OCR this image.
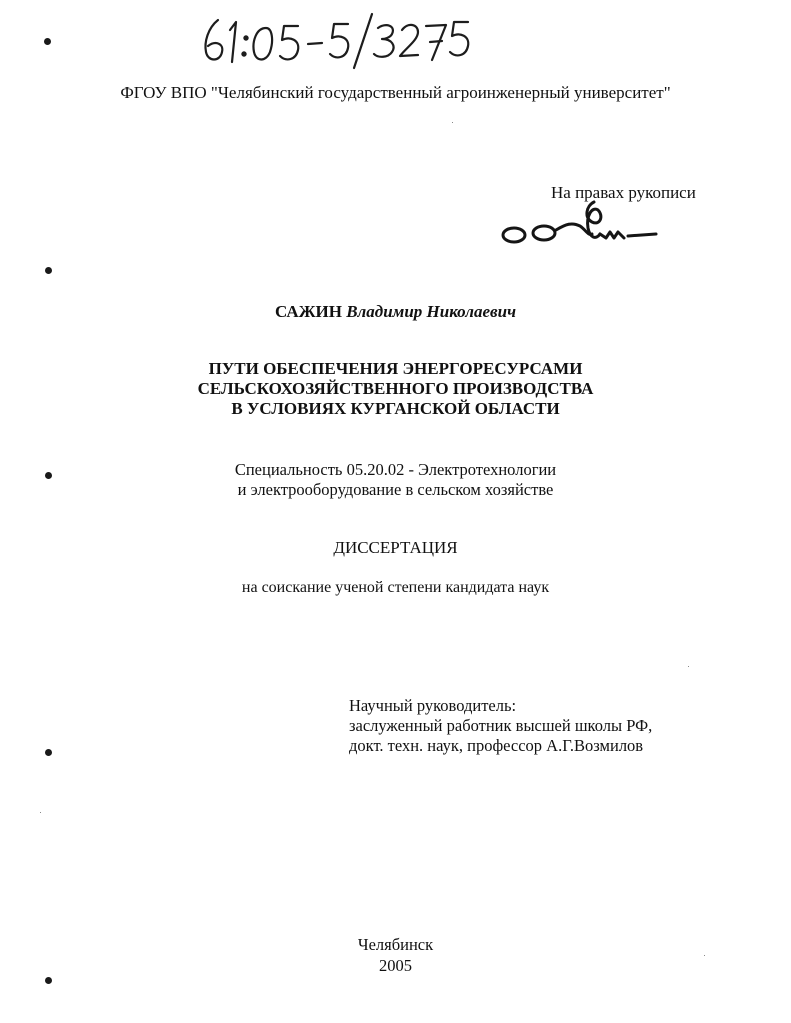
ФГОУ ВПО "Челябинский государственный агроинженерный университет"
На правах рукописи
САЖИН Владимир Николаевич
ПУТИ ОБЕСПЕЧЕНИЯ ЭНЕРГОРЕСУРСАМИ
СЕЛЬСКОХОЗЯЙСТВЕННОГО ПРОИЗВОДСТВА
В УСЛОВИЯХ КУРГАНСКОЙ ОБЛАСТИ
Специальность 05.20.02 - Электротехнологии
и электрооборудование в сельском хозяйстве
ДИССЕРТАЦИЯ
на соискание ученой степени кандидата наук
Научный руководитель:
заслуженный работник высшей школы РФ,
докт. техн. наук, профессор А.Г.Возмилов
Челябинск
2005
